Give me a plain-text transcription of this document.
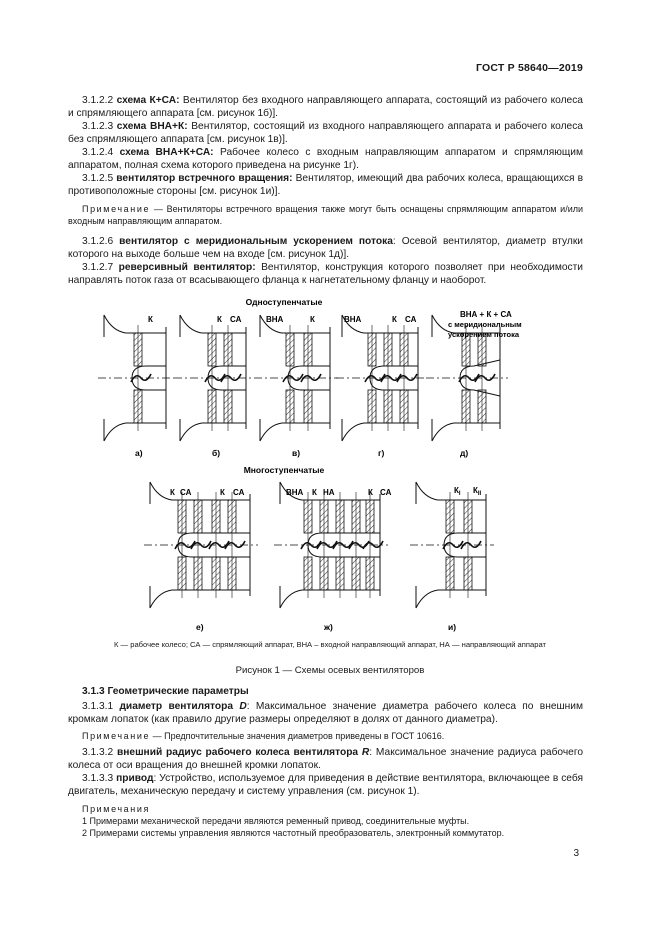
ГОСТ Р 58640—2019
3.1.2.2 схема К+СА: Вентилятор без входного направляющего аппарата, состоящий из рабочего колеса и спрямляющего аппарата [см. рисунок 1б)].
3.1.2.3 схема ВНА+К: Вентилятор, состоящий из входного направляющего аппарата и рабочего колеса без спрямляющего аппарата [см. рисунок 1в)].
3.1.2.4 схема ВНА+К+СА: Рабочее колесо с входным направляющим аппаратом и спрямляющим аппаратом, полная схема которого приведена на рисунке 1г).
3.1.2.5 вентилятор встречного вращения: Вентилятор, имеющий два рабочих колеса, вращающихся в противоположные стороны [см. рисунок 1и)].
Примечание — Вентиляторы встречного вращения также могут быть оснащены спрямляющим аппаратом и/или входным направляющим аппаратом.
3.1.2.6 вентилятор с меридиональным ускорением потока: Осевой вентилятор, диаметр втулки которого на выходе больше чем на входе [см. рисунок 1д)].
3.1.2.7 реверсивный вентилятор: Вентилятор, конструкция которого позволяет при необходимости направлять поток газа от всасывающего фланца к нагнетательному фланцу и наоборот.
Одноступенчатые
Многоступенчатые
К	К СА	ВНА	К	ВНА	К СА
ВНА + К + СА
с меридиональным
ускорением потока
а)	б)	в)	г)	д)
К СА	К СА	ВНА К НА	К СА	$К_I$ $К_{II}$
е)	ж)	и)
К — рабочее колесо; СА — спрямляющий аппарат, ВНА – входной направляющий аппарат, НА — направляющий аппарат
Рисунок 1 — Схемы осевых вентиляторов
3.1.3 Геометрические параметры
3.1.3.1 диаметр вентилятора D: Максимальное значение диаметра рабочего колеса по внешним кромкам лопаток (как правило другие размеры определяют в долях от данного диаметра).
Примечание — Предпочтительные значения диаметров приведены в ГОСТ 10616.
3.1.3.2 внешний радиус рабочего колеса вентилятора R: Максимальное значение радиуса рабочего колеса от оси вращения до внешней кромки лопаток.
3.1.3.3 привод: Устройство, используемое для приведения в действие вентилятора, включающее в себя двигатель, механическую передачу и систему управления (см. рисунок 1).
Примечания
1 Примерами механической передачи являются ременный привод, соединительные муфты.
2 Примерами системы управления являются частотный преобразователь, электронный коммутатор.
3
